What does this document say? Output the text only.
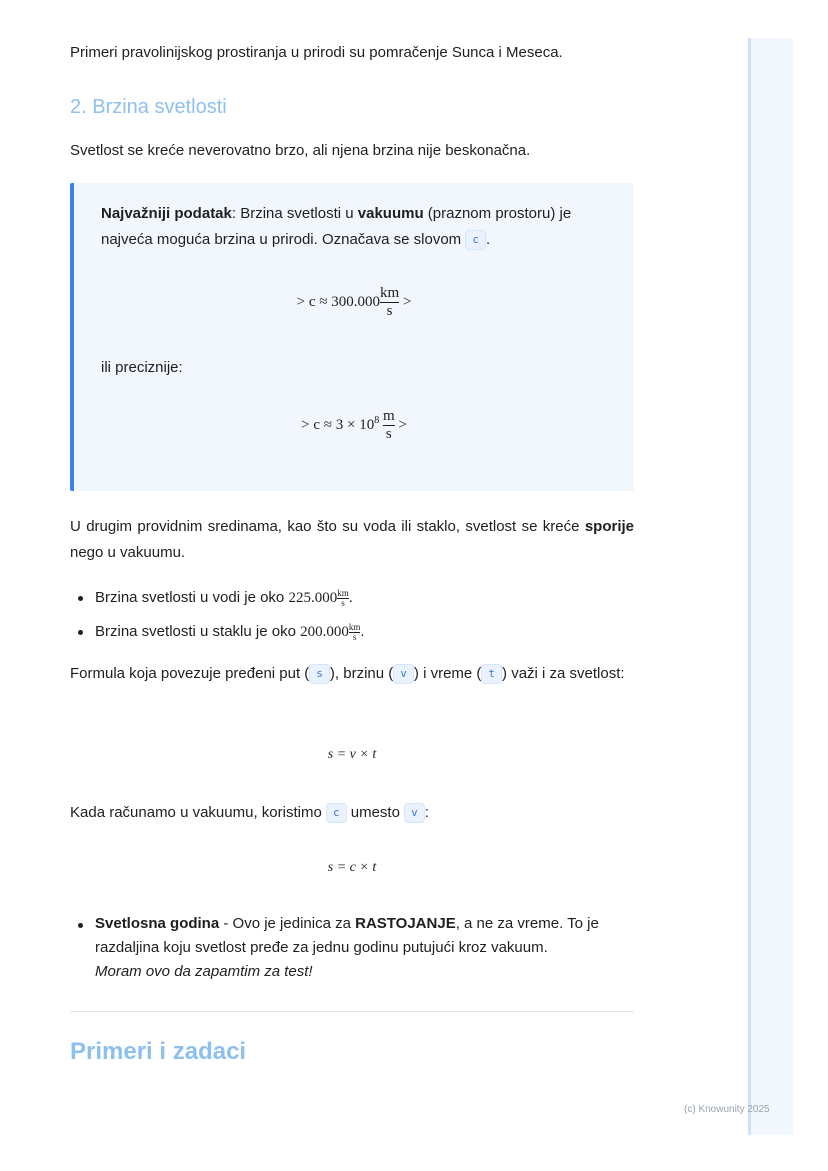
Primeri pravolinijskog prostiranja u prirodi su pomračenje Sunca i Meseca.

2. Brzina svetlosti

Svetlost se kreće neverovatno brzo, ali njena brzina nije beskonačna.

Najvažniji podatak: Brzina svetlosti u vakuumu (praznom prostoru) je najveća moguća brzina u prirodi. Označava se slovom c .

> $c \approx 300.000 \frac{km}{s}$ >

ili preciznije:

> $c \approx 3 \times 10^8 \frac{m}{s}$ >

U drugim providnim sredinama, kao što su voda ili staklo, svetlost se kreće sporije nego u vakuumu.

Brzina svetlosti u vodi je oko $225.000 \frac{km}{s}$ .
Brzina svetlosti u staklu je oko $200.000 \frac{km}{s}$ .

Formula koja povezuje pređeni put ( s ), brzinu ( v ) i vreme ( t ) važi i za svetlost:

s = v × t

Kada računamo u vakuumu, koristimo c umesto v :

s = c × t
Svetlosna godina - Ovo je jedinica za RASTOJANJE, a ne za vreme. To je razdaljina koju svetlost pređe za jednu godinu putujući kroz vakuum.
Moram ovo da zapamtim za test!
Primeri i zadaci
(c) Knowunity 2025
